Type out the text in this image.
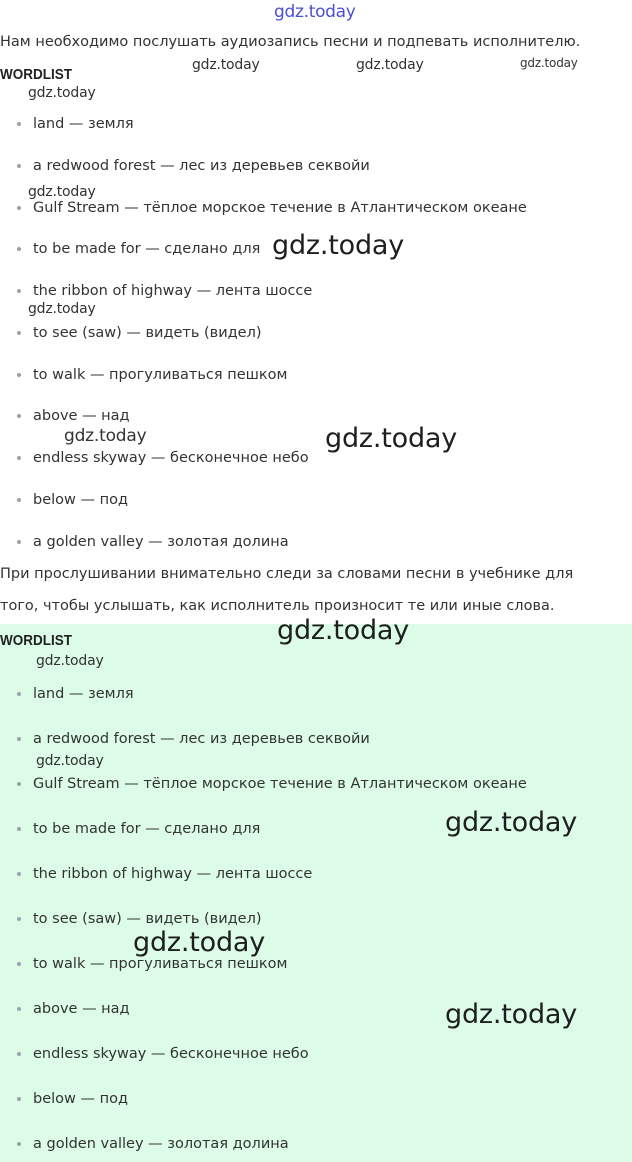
gdz.today
Нам необходимо послушать аудиозапись песни и подпевать исполнителю.
WORDLIST
land — земля
a redwood forest — лес из деревьев секвойи
Gulf Stream — тёплое морское течение в Атлантическом океане
to be made for — сделано для
the ribbon of highway — лента шоссе
to see (saw) — видеть (видел)
to walk — прогуливаться пешком
above — над
endless skyway — бесконечное небо
below — под
a golden valley — золотая долина
При прослушивании внимательно следи за словами песни в учебнике для
того, чтобы услышать, как исполнитель произносит те или иные слова.
WORDLIST
land — земля
a redwood forest — лес из деревьев секвойи
Gulf Stream — тёплое морское течение в Атлантическом океане
to be made for — сделано для
the ribbon of highway — лента шоссе
to see (saw) — видеть (видел)
to walk — прогуливаться пешком
above — над
endless skyway — бесконечное небо
below — под
a golden valley — золотая долина
gdz.today	gdz.today	gdz.today
gdz.today
gdz.today
gdz.today
gdz.today
gdz.today	gdz.today
gdz.today
gdz.today
gdz.today
gdz.today
gdz.today
gdz.today
